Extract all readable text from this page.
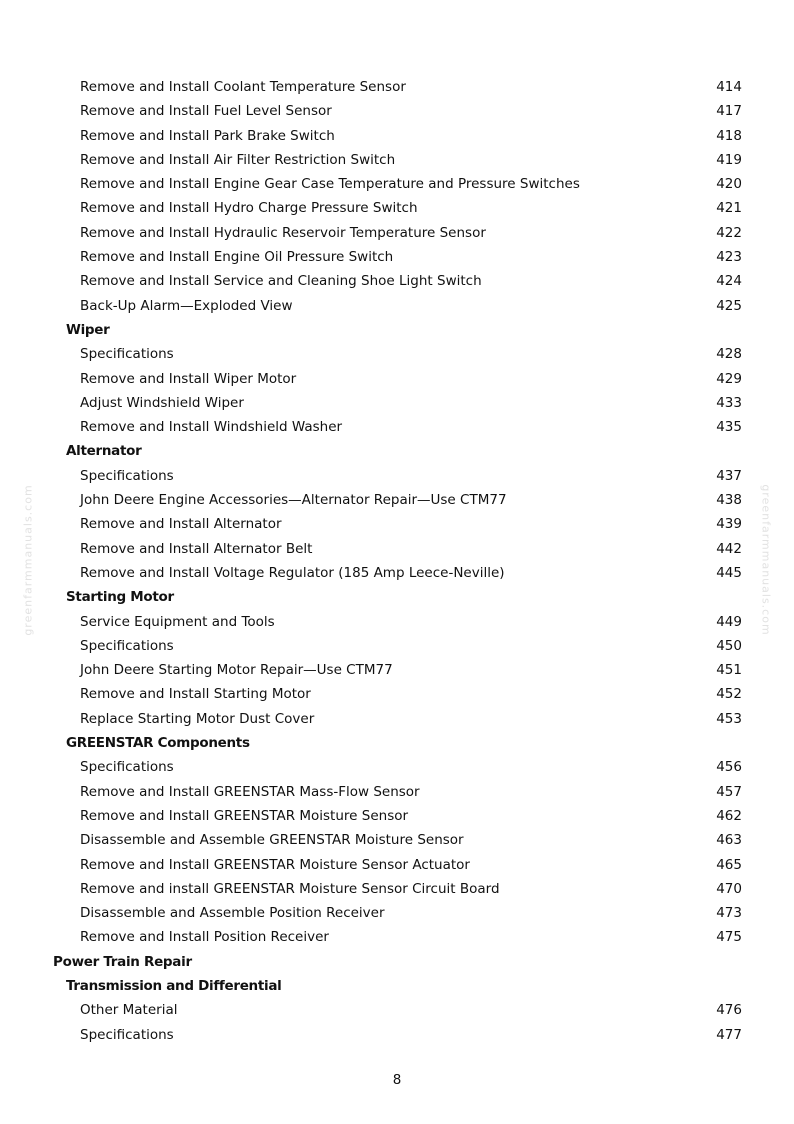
Remove and Install Coolant Temperature Sensor	414
Remove and Install Fuel Level Sensor	417
Remove and Install Park Brake Switch	418
Remove and Install Air Filter Restriction Switch	419
Remove and Install Engine Gear Case Temperature and Pressure Switches	420
Remove and Install Hydro Charge Pressure Switch	421
Remove and Install Hydraulic Reservoir Temperature Sensor	422
Remove and Install Engine Oil Pressure Switch	423
Remove and Install Service and Cleaning Shoe Light Switch	424
Back-Up Alarm—Exploded View	425
Wiper
Specifications	428
Remove and Install Wiper Motor	429
Adjust Windshield Wiper	433
Remove and Install Windshield Washer	435
Alternator
Specifications	437
John Deere Engine Accessories—Alternator Repair—Use CTM77	438
Remove and Install Alternator	439
Remove and Install Alternator Belt	442
Remove and Install Voltage Regulator (185 Amp Leece-Neville)	445
Starting Motor
Service Equipment and Tools	449
Specifications	450
John Deere Starting Motor Repair—Use CTM77	451
Remove and Install Starting Motor	452
Replace Starting Motor Dust Cover	453
GREENSTAR Components
Specifications	456
Remove and Install GREENSTAR Mass-Flow Sensor	457
Remove and Install GREENSTAR Moisture Sensor	462
Disassemble and Assemble GREENSTAR Moisture Sensor	463
Remove and Install GREENSTAR Moisture Sensor Actuator	465
Remove and install GREENSTAR Moisture Sensor Circuit Board	470
Disassemble and Assemble Position Receiver	473
Remove and Install Position Receiver	475
Power Train Repair
Transmission and Differential
Other Material	476
Specifications	477
8
greenfarmmanuals.com	greenfarmmanuals.com
